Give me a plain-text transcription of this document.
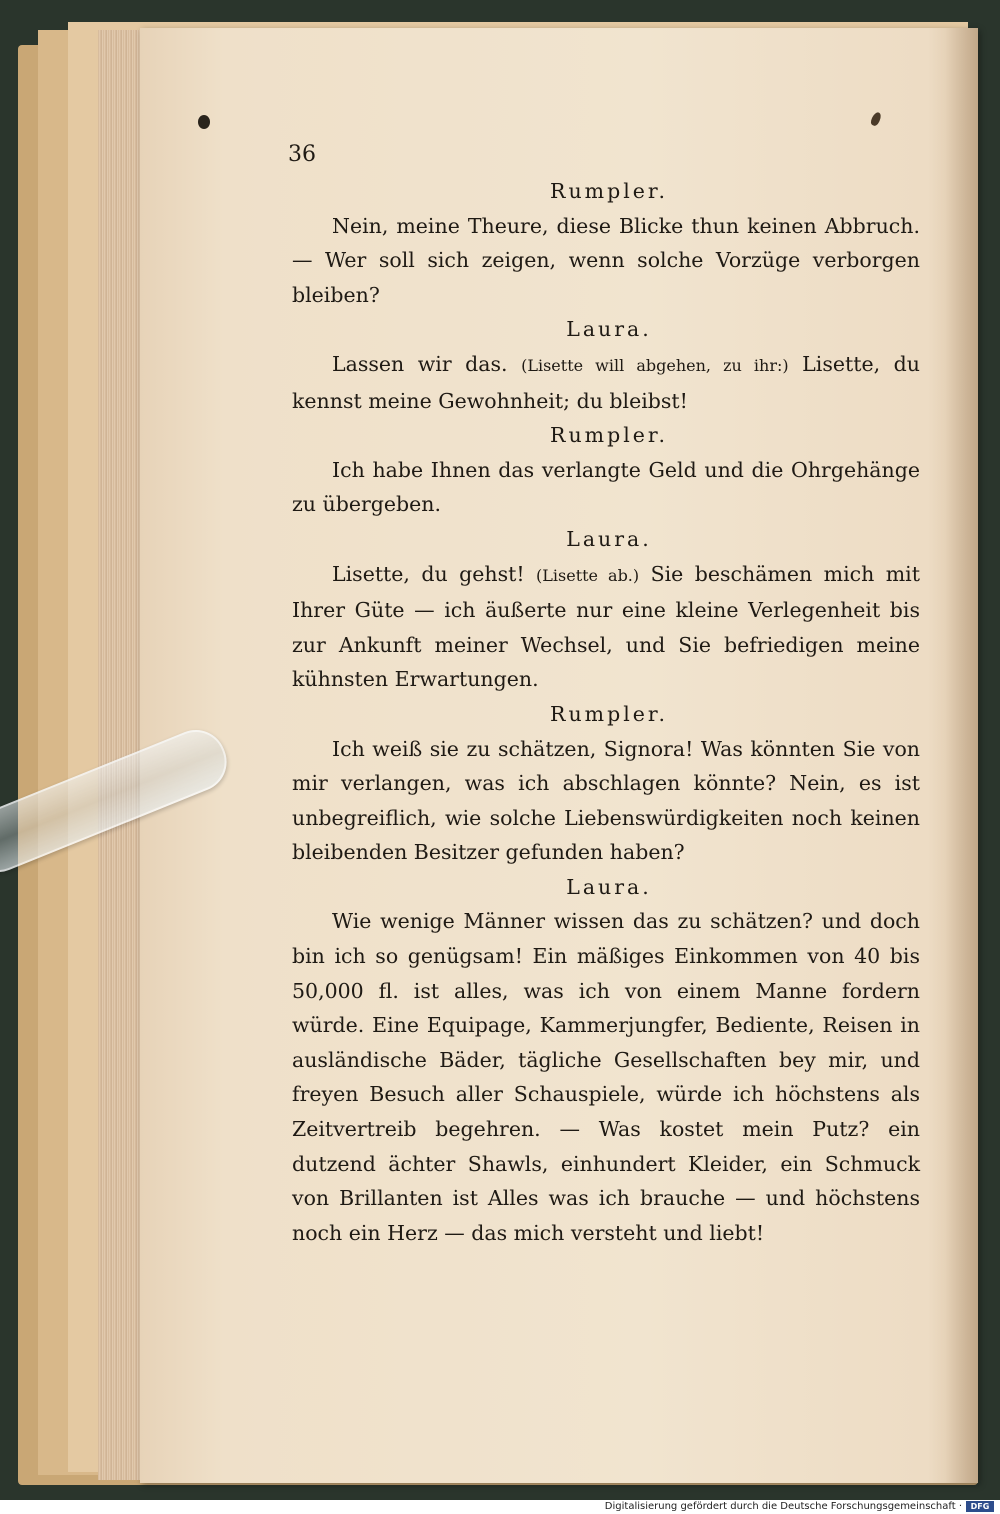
36

Rumpler.

Nein, meine Theure, diese Blicke thun keinen Abbruch. — Wer soll sich zeigen, wenn solche Vorzüge verborgen bleiben?

Laura.

Lassen wir das. (Lisette will abgehen, zu ihr:) Lisette, du kennst meine Gewohnheit; du bleibst!

Rumpler.

Ich habe Ihnen das verlangte Geld und die Ohrgehänge zu übergeben.

Laura.

Lisette, du gehst! (Lisette ab.) Sie beschämen mich mit Ihrer Güte — ich äußerte nur eine kleine Verlegenheit bis zur Ankunft meiner Wechsel, und Sie befriedigen meine kühnsten Erwartungen.

Rumpler.

Ich weiß sie zu schätzen, Signora! Was könnten Sie von mir verlangen, was ich abschlagen könnte? Nein, es ist unbegreiflich, wie solche Liebenswürdigkeiten noch keinen bleibenden Besitzer gefunden haben?

Laura.

Wie wenige Männer wissen das zu schätzen? und doch bin ich so genügsam! Ein mäßiges Einkommen von 40 bis 50,000 fl. ist alles, was ich von einem Manne fordern würde. Eine Equipage, Kammerjungfer, Bediente, Reisen in ausländische Bäder, tägliche Gesellschaften bey mir, und freyen Besuch aller Schauspiele, würde ich höchstens als Zeitvertreib begehren. — Was kostet mein Putz? ein dutzend ächter Shawls, einhundert Kleider, ein Schmuck von Brillanten ist Alles was ich brauche — und höchstens noch ein Herz — das mich versteht und liebt!

Digitalisierung gefördert durch die Deutsche Forschungsgemeinschaft ·	DFG
